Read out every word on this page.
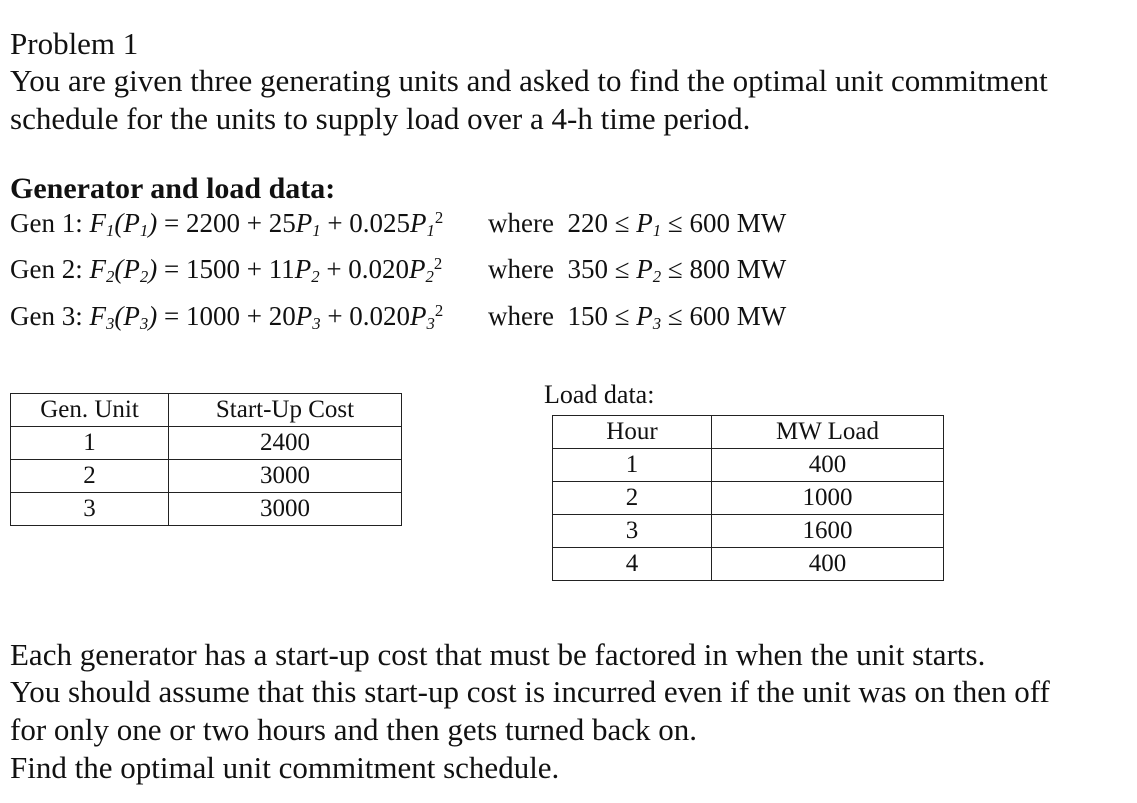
Problem 1
You are given three generating units and asked to find the optimal unit commitment
schedule for the units to supply load over a 4-h time period.
Generator and load data:
Gen 1: $F_1(P_1) = 2200 + 25P_1 + 0.025P_1^2$ where $220 \le P_1 \le 600$ MW
Gen 2: $F_2(P_2) = 1500 + 11P_2 + 0.020P_2^2$ where $350 \le P_2 \le 800$ MW
Gen 3: $F_3(P_3) = 1000 + 20P_3 + 0.020P_3^2$ where $150 \le P_3 \le 600$ MW
Gen. Unit	Start-Up Cost
1	2400
2	3000
3	3000
Load data:
Hour	MW Load
1	400
2	1000
3	1600
4	400
Each generator has a start-up cost that must be factored in when the unit starts.
You should assume that this start-up cost is incurred even if the unit was on then off
for only one or two hours and then gets turned back on.
Find the optimal unit commitment schedule.
